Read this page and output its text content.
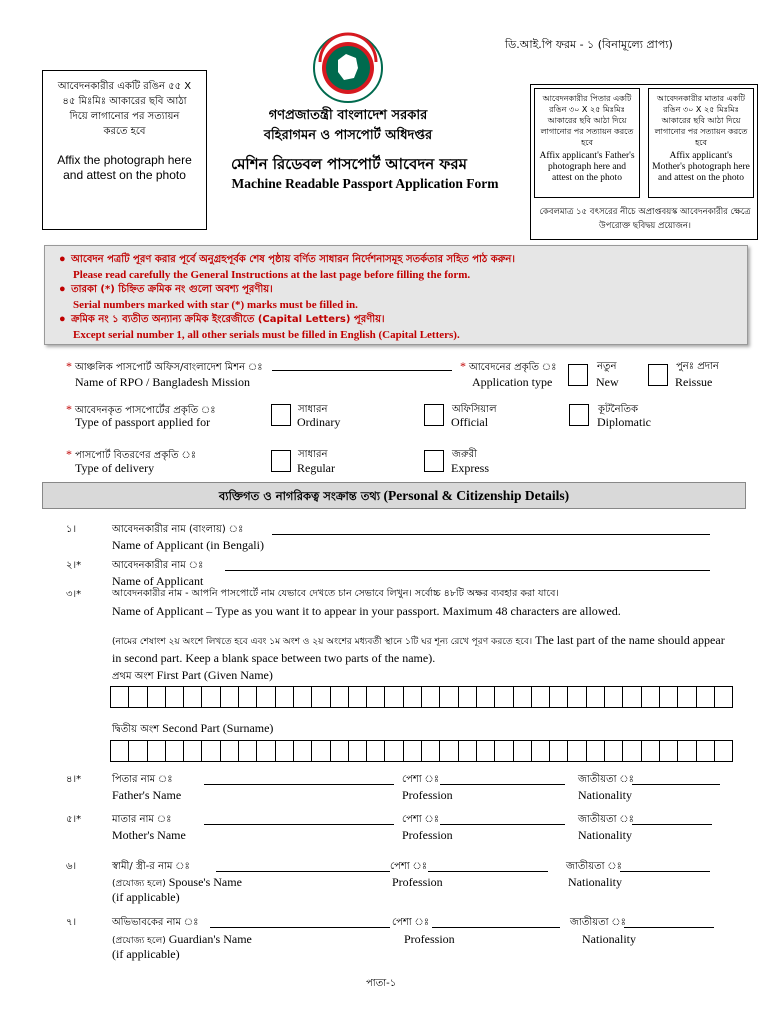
ডি.আই.পি ফরম - ১ (বিনামূল্যে প্রাপ্য)
আবেদনকারীর একটি রঙিন ৫৫ X ৪৫ মিঃমিঃ আকারের ছবি আঠা দিয়ে লাগানোর পর সত্যায়ন করতে হবে
Affix the photograph here and attest on the photo
গণপ্রজাতন্ত্রী বাংলাদেশ সরকার
বহিরাগমন ও পাসপোর্ট অধিদপ্তর
মেশিন রিডেবল পাসপোর্ট আবেদন ফরম
Machine Readable Passport Application Form
আবেদনকারীর পিতার একটি রঙিন ৩০ X ২৫ মিঃমিঃ আকারের ছবি আঠা দিয়ে লাগানোর পর সত্যায়ন করতে হবে
Affix applicant's Father's photograph here and attest on the photo
আবেদনকারীর মাতার একটি রঙিন ৩০ X ২৫ মিঃমিঃ আকারের ছবি আঠা দিয়ে লাগানোর পর সত্যায়ন করতে হবে
Affix applicant's Mother's photograph here and attest on the photo
কেবলমাত্র ১৫ বৎসরের নীচে অপ্রাপ্তবয়স্ক আবেদনকারীর ক্ষেত্রে উপরোক্ত ছবিদ্বয় প্রয়োজন।
●  আবেদন পত্রটি পূরণ করার পূর্বে অনুগ্রহপূর্বক শেষ পৃষ্ঠায় বর্ণিত সাধারন নির্দেশনাসমূহ সতর্কতার সহিত পাঠ করুন।
Please read carefully the General Instructions at the last page before filling the form.
●  তারকা (*) চিহ্নিত ক্রমিক নং গুলো অবশ্য পূরণীয়।
Serial numbers marked with star (*) marks must be filled in.
●  ক্রমিক নং ১ ব্যতীত অন্যান্য ক্রমিক ইংরেজীতে (Capital Letters) পূরণীয়।
Except serial number 1, all other serials must be filled in English (Capital Letters).
* আঞ্চলিক পাসপোর্ট অফিস/বাংলাদেশ মিশন ঃ
Name of RPO / Bangladesh Mission
* আবেদনের প্রকৃতি ঃ
Application type
নতুন
New
পুনঃ প্রদান
Reissue
* আবেদনকৃত পাসপোর্টের প্রকৃতি ঃ
Type of passport applied for
সাধারন
Ordinary
অফিসিয়াল
Official
কূটনৈতিক
Diplomatic
* পাসপোর্ট বিতরণের প্রকৃতি ঃ
Type of delivery
সাধারন
Regular
জরুরী
Express
ব্যক্তিগত ও নাগরিকত্ব সংক্রান্ত তথ্য (Personal & Citizenship Details)
১।	আবেদনকারীর নাম (বাংলায়) ঃ
Name of Applicant (in Bengali)
২।*	আবেদনকারীর নাম ঃ
Name of Applicant
৩।*	আবেদনকারীর নাম - আপনি পাসপোর্টে নাম যেভাবে দেখতে চান সেভাবে লিখুন। সর্বোচ্চ ৪৮টি অক্ষর ব্যবহার করা যাবে।
Name of Applicant – Type as you want it to appear in your passport. Maximum 48 characters are allowed.
(নামের শেষাংশ ২য় অংশে লিখতে হবে এবং ১ম অংশ ও ২য় অংশের মধ্যবর্তী স্থানে ১টি ঘর শূন্য রেখে পূরণ করতে হবে। The last part of the name should appear in second part. Keep a blank space between two parts of the name).
প্রথম অংশ First Part (Given Name)
দ্বিতীয় অংশ Second Part (Surname)
৪।*	পিতার নাম ঃ
Father's Name
পেশা ঃ
Profession
জাতীয়তা ঃ
Nationality
৫।*	মাতার নাম ঃ
Mother's Name
পেশা ঃ
Profession
জাতীয়তা ঃ
Nationality
৬।	স্বামী/ স্ত্রী-র নাম ঃ
(প্রযোজ্য হলে) Spouse's Name
(if applicable)
পেশা ঃ
Profession
জাতীয়তা ঃ
Nationality
৭।	অভিভাবকের নাম ঃ
(প্রযোজ্য হলে) Guardian's Name
(if applicable)
পেশা ঃ
Profession
জাতীয়তা ঃ
Nationality
পাতা-১
